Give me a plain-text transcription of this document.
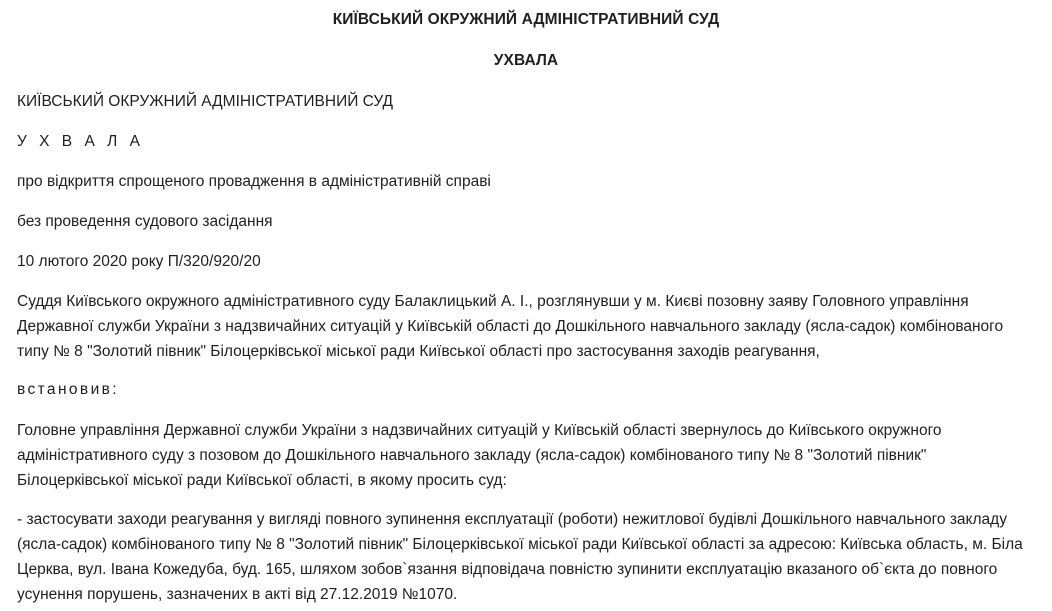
КИЇВСЬКИЙ ОКРУЖНИЙ АДМІНІСТРАТИВНИЙ СУД
УХВАЛА

КИЇВСЬКИЙ ОКРУЖНИЙ АДМІНІСТРАТИВНИЙ СУД

У Х В А Л А

про відкриття спрощеного провадження в адміністративній справі

без проведення судового засідання

10 лютого 2020 року П/320/920/20

Суддя Київського окружного адміністративного суду Балаклицький А. І., розглянувши у м. Києві позовну заяву Головного управління Державної служби України з надзвичайних ситуацій у Київській області до Дошкільного навчального закладу (ясла-садок) комбінованого типу № 8 "Золотий півник" Білоцерківської міської ради Київської області про застосування заходів реагування,

встановив:

Головне управління Державної служби України з надзвичайних ситуацій у Київській області звернулось до Київського окружного адміністративного суду з позовом до Дошкільного навчального закладу (ясла-садок) комбінованого типу № 8 "Золотий півник" Білоцерківської міської ради Київської області, в якому просить суд:

- застосувати заходи реагування у вигляді повного зупинення експлуатації (роботи) нежитлової будівлі Дошкільного навчального закладу (ясла-садок) комбінованого типу № 8 "Золотий півник" Білоцерківської міської ради Київської області за адресою: Київська область, м. Біла Церква, вул. Івана Кожедуба, буд. 165, шляхом зобов`язання відповідача повністю зупинити експлуатацію вказаного об`єкта до повного усунення порушень, зазначених в акті від 27.12.2019 №1070.
